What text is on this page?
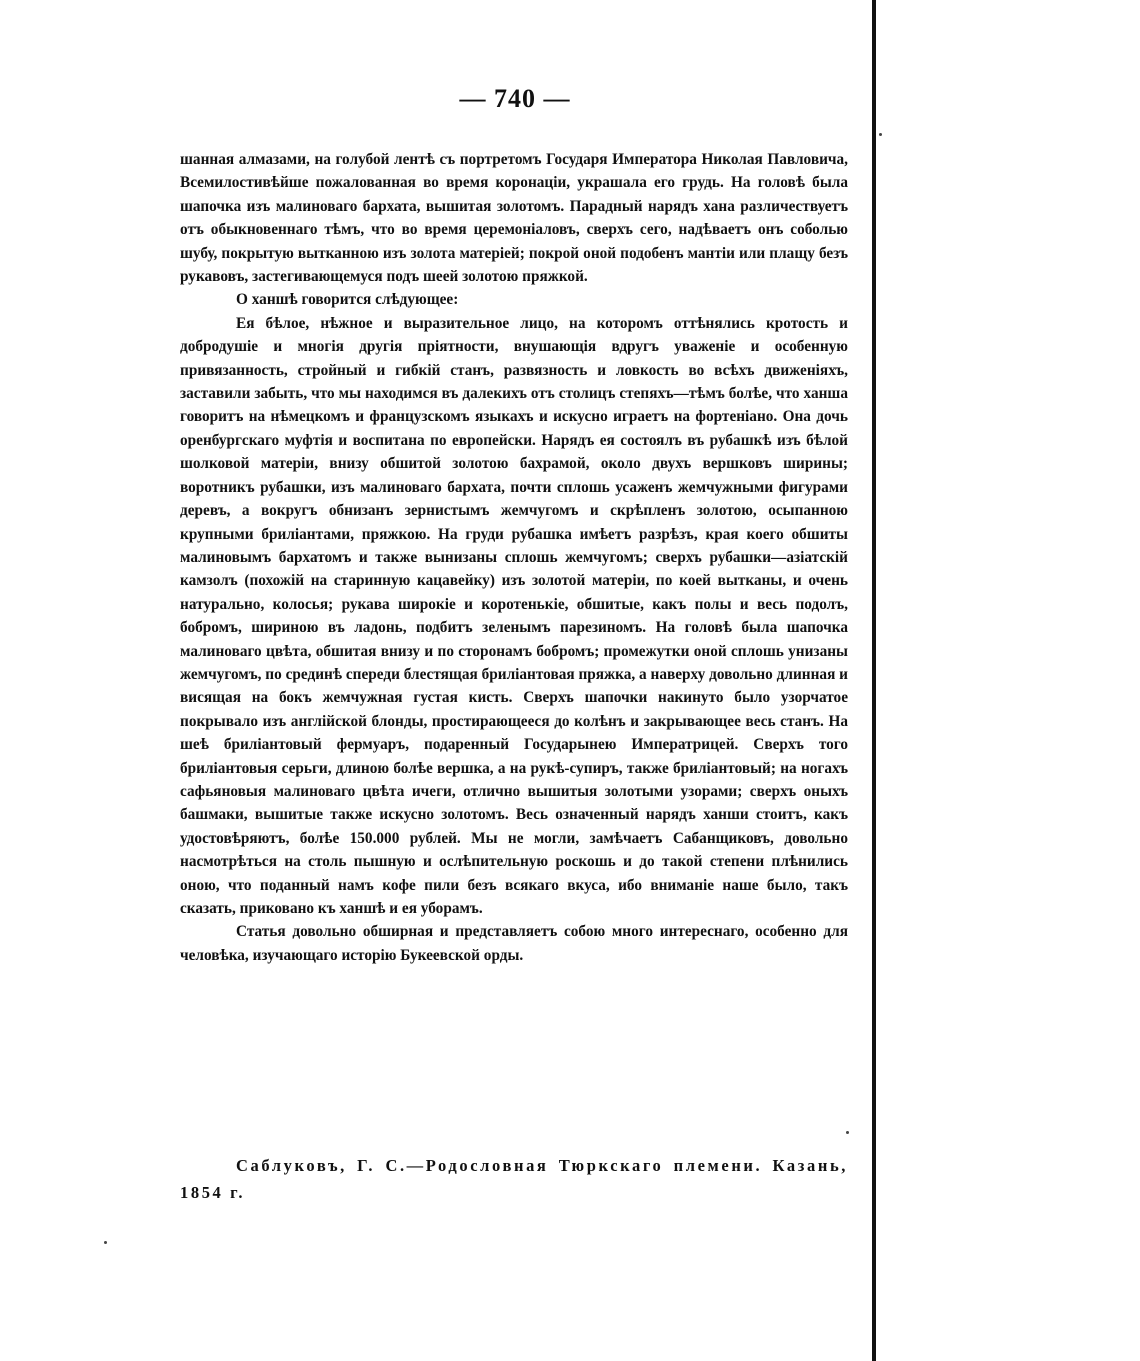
— 740 —

шанная алмазами, на голубой лентѣ съ портретомъ Государя Императора Николая Павловича, Всемилостивѣйше пожалованная во время коронаціи, украшала его грудь. На головѣ была шапочка изъ малиноваго бархата, вышитая золотомъ. Парадный нарядъ хана различествуетъ отъ обыкновеннаго тѣмъ, что во время церемоніаловъ, сверхъ сего, надѣваетъ онъ соболью шубу, покрытую вытканною изъ золота матеріей; покрой оной подобенъ мантіи или плащу безъ рукавовъ, застегивающемуся подъ шеей золотою пряжкой.

О ханшѣ говорится слѣдующее:

Ея бѣлое, нѣжное и выразительное лицо, на которомъ оттѣнялись кротость и добродушіе и многія другія пріятности, внушающія вдругъ уваженіе и особенную привязанность, стройный и гибкій станъ, развязность и ловкость во всѣхъ движеніяхъ, заставили забыть, что мы находимся въ далекихъ отъ столицъ степяхъ—тѣмъ болѣе, что ханша говоритъ на нѣмецкомъ и французскомъ языкахъ и искусно играетъ на фортеніано. Она дочь оренбургскаго муфтія и воспитана по европейски. Нарядъ ея состоялъ въ рубашкѣ изъ бѣлой шолковой матеріи, внизу обшитой золотою бахрамой, около двухъ вершковъ ширины; воротникъ рубашки, изъ малиноваго бархата, почти сплошь усаженъ жемчужными фигурами деревъ, а вокругъ обнизанъ зернистымъ жемчугомъ и скрѣпленъ золотою, осыпанною крупными бриліантами, пряжкою. На груди рубашка имѣетъ разрѣзъ, края коего обшиты малиновымъ бархатомъ и также вынизаны сплошь жемчугомъ; сверхъ рубашки—азіатскій камзолъ (похожій на старинную кацавейку) изъ золотой матеріи, по коей вытканы, и очень натурально, колосья; рукава широкіе и коротенькіе, обшитые, какъ полы и весь подолъ, бобромъ, шириною въ ладонь, подбитъ зеленымъ парезиномъ. На головѣ была шапочка малиноваго цвѣта, обшитая внизу и по сторонамъ бобромъ; промежутки оной сплошь унизаны жемчугомъ, по срединѣ спереди блестящая бриліантовая пряжка, а наверху довольно длинная и висящая на бокъ жемчужная густая кисть. Сверхъ шапочки накинуто было узорчатое покрывало изъ англійской блонды, простирающееся до колѣнъ и закрывающее весь станъ. На шеѣ бриліантовый фермуаръ, подаренный Государынею Императрицей. Сверхъ того бриліантовыя серьги, длиною болѣе вершка, а на рукѣ-супиръ, также бриліантовый; на ногахъ сафьяновыя малиноваго цвѣта ичеги, отлично вышитыя золотыми узорами; сверхъ оныхъ башмаки, вышитые также искусно золотомъ. Весь означенный нарядъ ханши стоитъ, какъ удостовѣряютъ, болѣе 150.000 рублей. Мы не могли, замѣчаетъ Сабанщиковъ, довольно насмотрѣться на столь пышную и ослѣпительную роскошь и до такой степени плѣнились оною, что поданный намъ кофе пили безъ всякаго вкуса, ибо вниманіе наше было, такъ сказать, приковано къ ханшѣ и ея уборамъ.

Статья довольно обширная и представляетъ собою много интереснаго, особенно для человѣка, изучающаго исторію Букеевской орды.

Саблуковъ, Г. С.—Родословная Тюркскаго племени. Казань, 1854 г.
